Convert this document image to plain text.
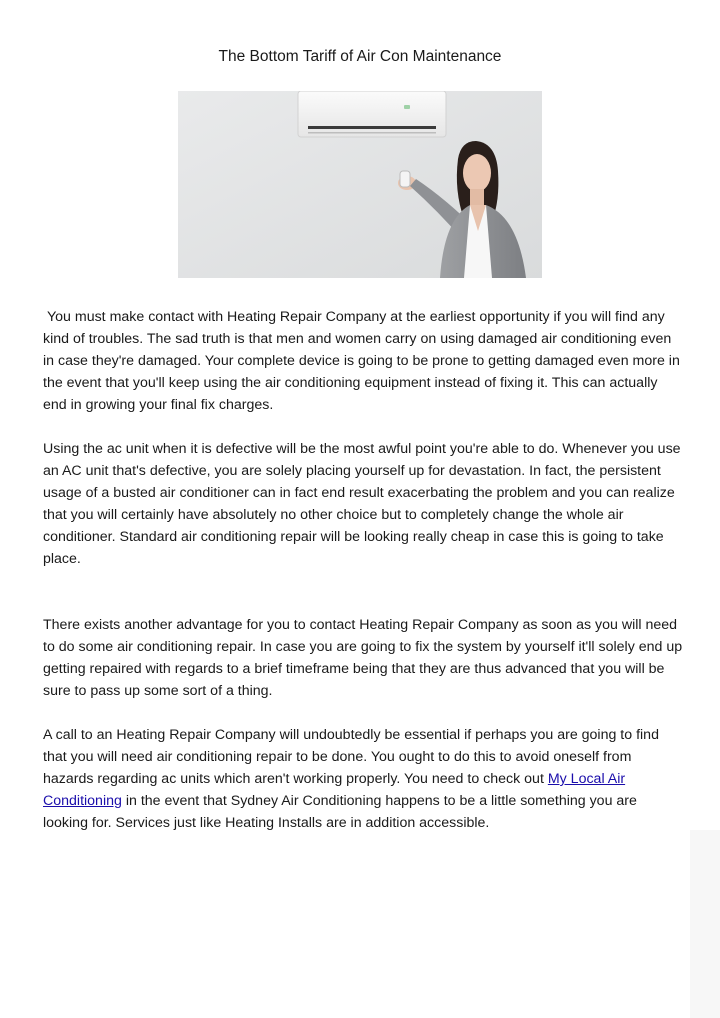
The Bottom Tariff of Air Con Maintenance

You must make contact with Heating Repair Company at the earliest opportunity if you will find any kind of troubles. The sad truth is that men and women carry on using damaged air conditioning even in case they're damaged. Your complete device is going to be prone to getting damaged even more in the event that you'll keep using the air conditioning equipment instead of fixing it. This can actually end in growing your final fix charges.

Using the ac unit when it is defective will be the most awful point you're able to do. Whenever you use an AC unit that's defective, you are solely placing yourself up for devastation. In fact, the persistent usage of a busted air conditioner can in fact end result exacerbating the problem and you can realize that you will certainly have absolutely no other choice but to completely change the whole air conditioner. Standard air conditioning repair will be looking really cheap in case this is going to take place.

There exists another advantage for you to contact Heating Repair Company as soon as you will need to do some air conditioning repair. In case you are going to fix the system by yourself it'll solely end up getting repaired with regards to a brief timeframe being that they are thus advanced that you will be sure to pass up some sort of a thing.

A call to an Heating Repair Company will undoubtedly be essential if perhaps you are going to find that you will need air conditioning repair to be done. You ought to do this to avoid oneself from hazards regarding ac units which aren't working properly. You need to check out My Local Air Conditioning in the event that Sydney Air Conditioning happens to be a little something you are looking for. Services just like Heating Installs are in addition accessible.
